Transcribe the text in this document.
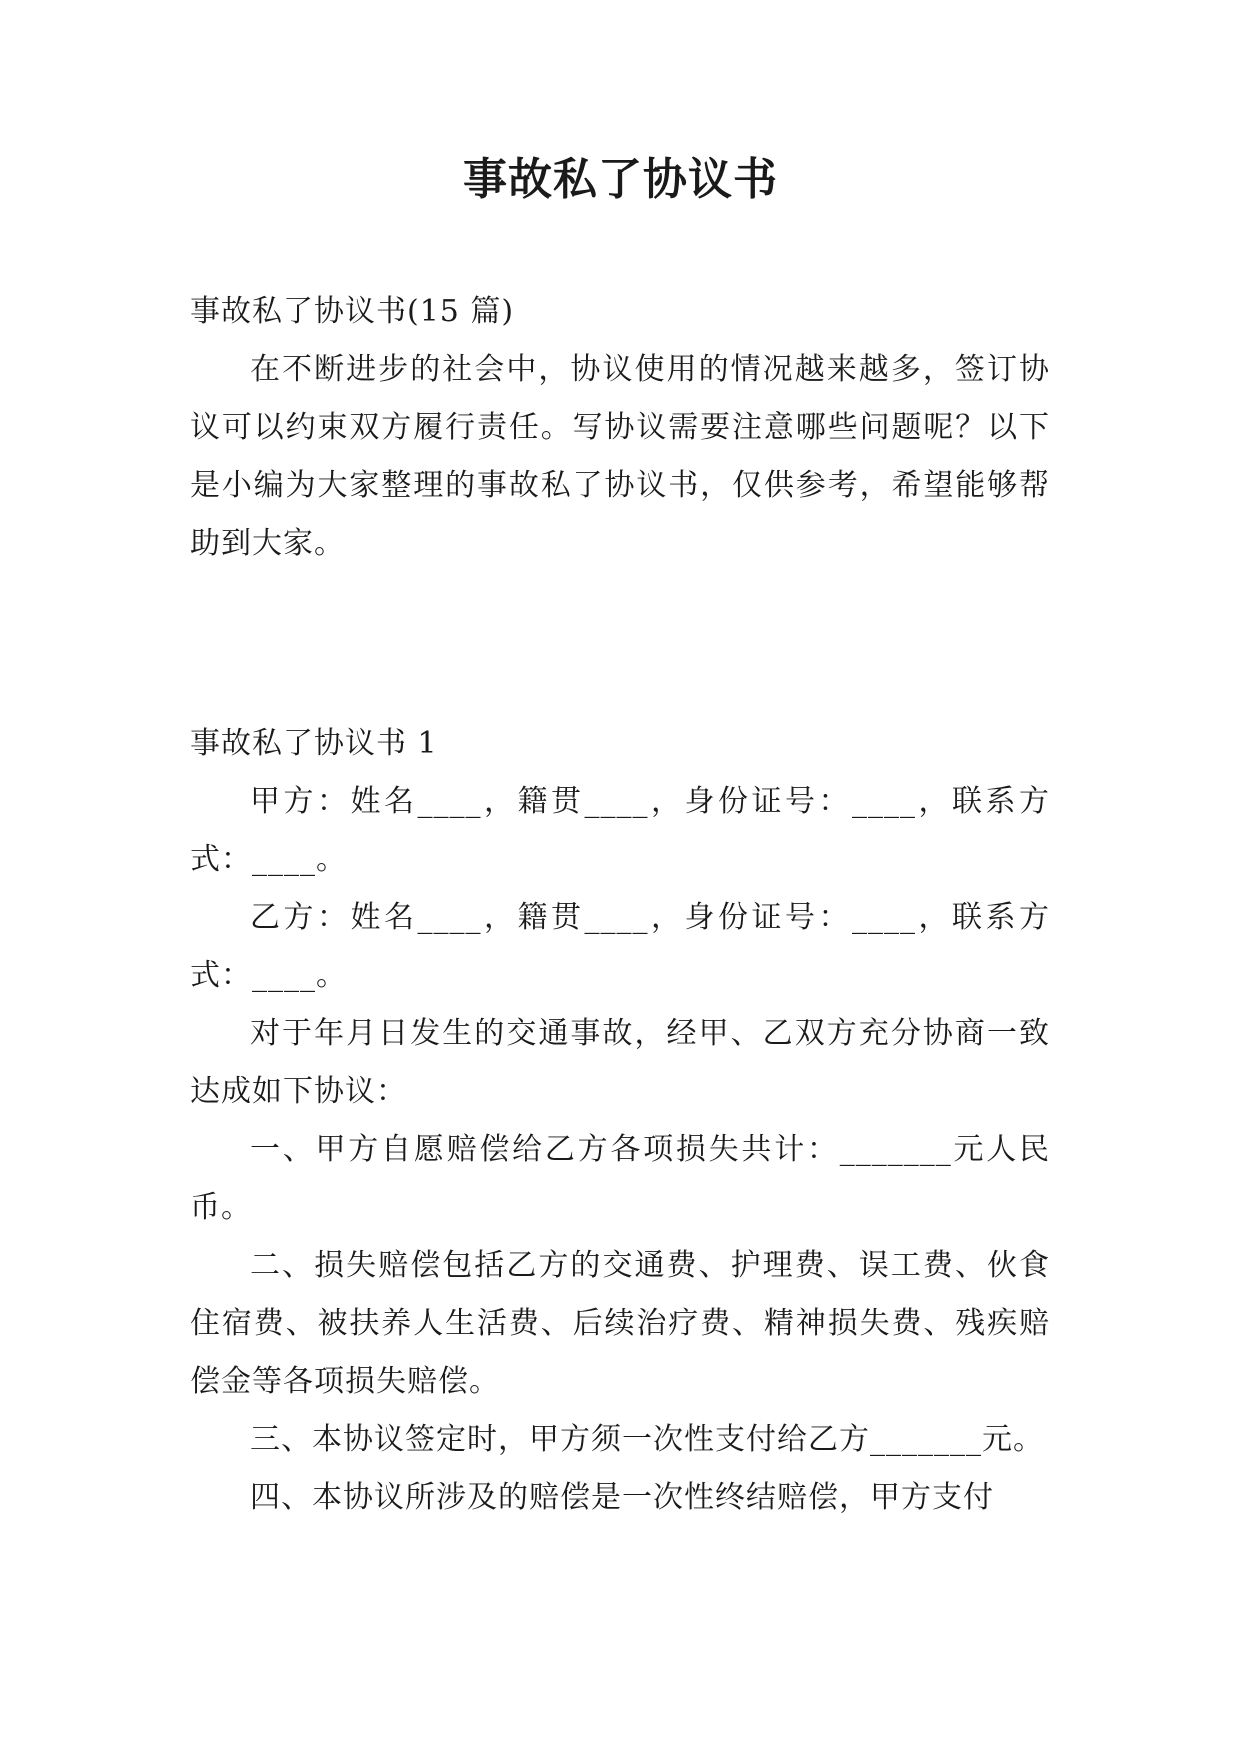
事故私了协议书

事故私了协议书(15 篇)

在不断进步的社会中，协议使用的情况越来越多，签订协议可以约束双方履行责任。写协议需要注意哪些问题呢？以下是小编为大家整理的事故私了协议书，仅供参考，希望能够帮助到大家。

事故私了协议书 1

甲方：姓名____，籍贯____，身份证号：____，联系方式：____。

乙方：姓名____，籍贯____，身份证号：____，联系方式：____。

对于年月日发生的交通事故，经甲、乙双方充分协商一致达成如下协议：

一、甲方自愿赔偿给乙方各项损失共计：_______元人民币。

二、损失赔偿包括乙方的交通费、护理费、误工费、伙食住宿费、被扶养人生活费、后续治疗费、精神损失费、残疾赔偿金等各项损失赔偿。

三、本协议签定时，甲方须一次性支付给乙方_______元。

四、本协议所涉及的赔偿是一次性终结赔偿，甲方支付
